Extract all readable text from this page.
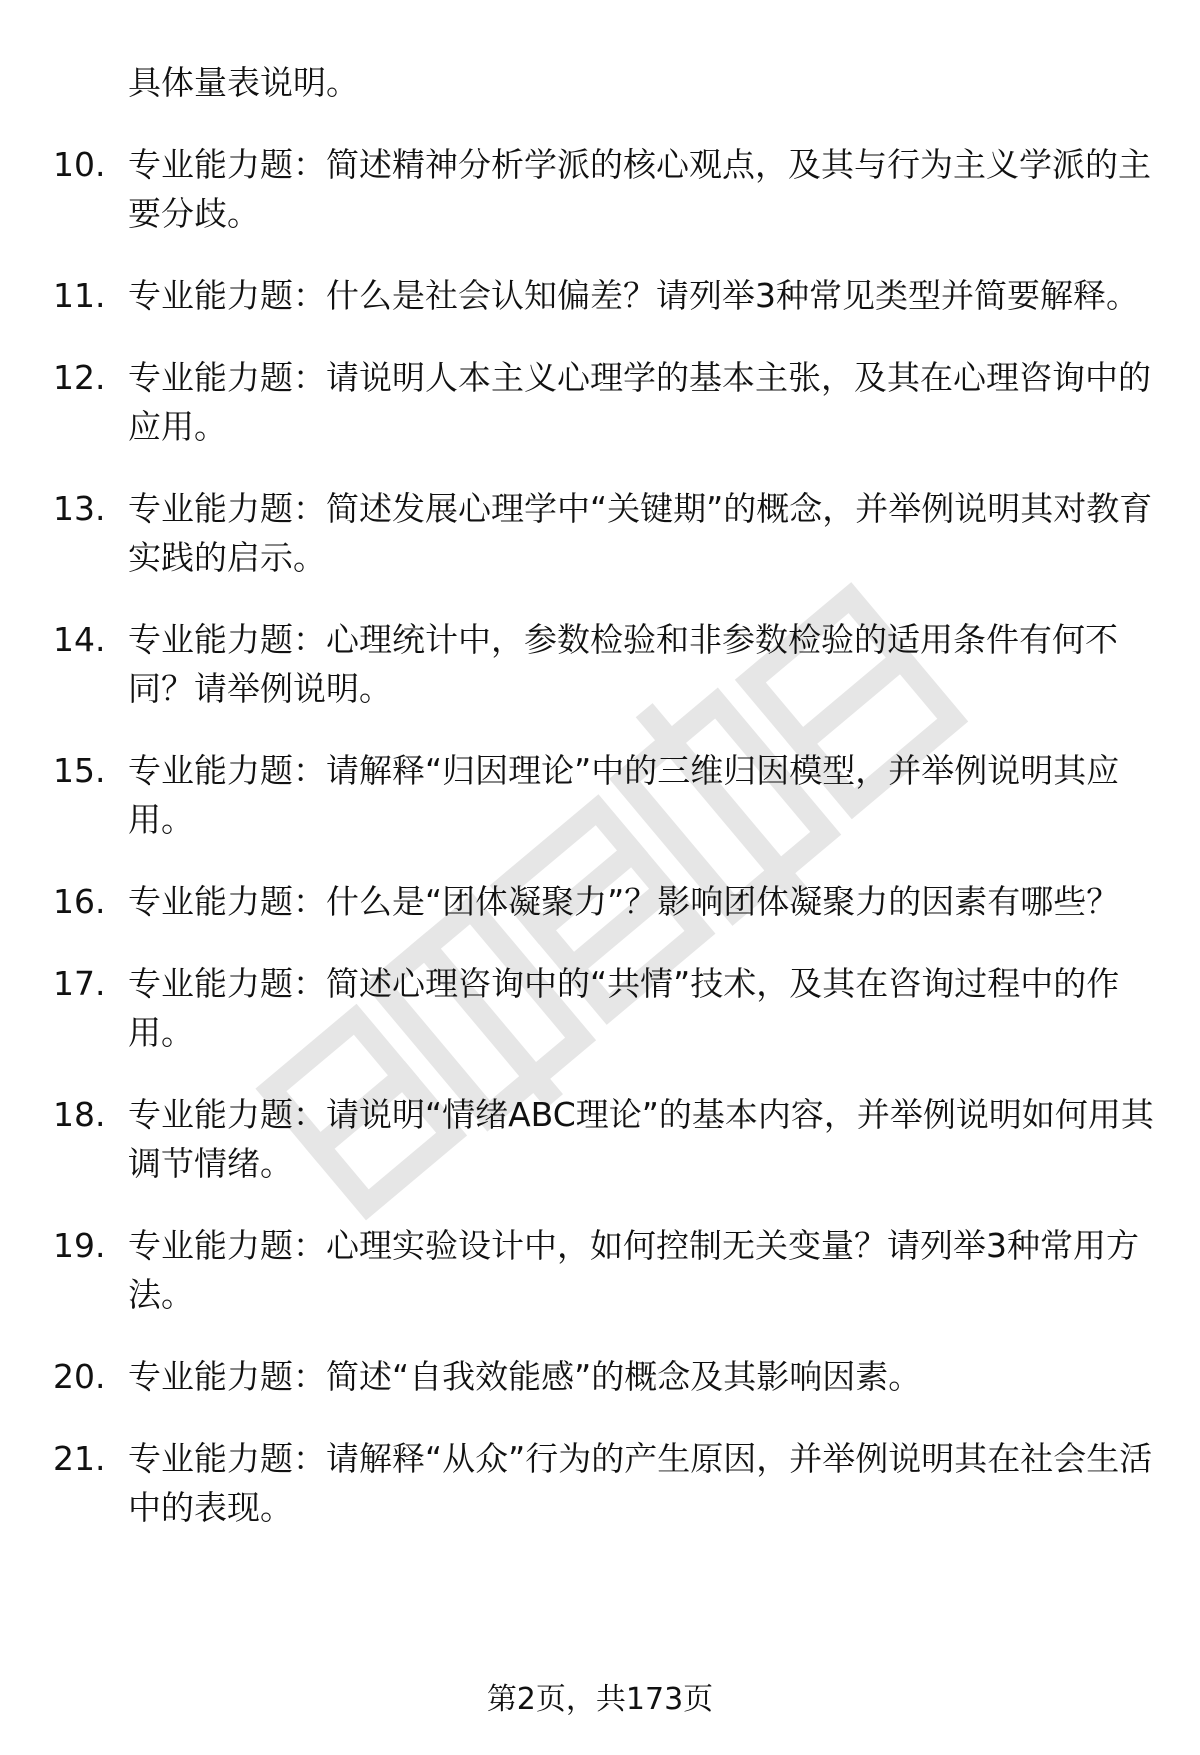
具体量表说明。
10. 专业能力题：简述精神分析学派的核心观点，及其与行为主义学派的主要分歧。
11. 专业能力题：什么是社会认知偏差？请列举3种常见类型并简要解释。
12. 专业能力题：请说明人本主义心理学的基本主张，及其在心理咨询中的应用。
13. 专业能力题：简述发展心理学中“关键期”的概念，并举例说明其对教育实践的启示。
14. 专业能力题：心理统计中，参数检验和非参数检验的适用条件有何不同？请举例说明。
15. 专业能力题：请解释“归因理论”中的三维归因模型，并举例说明其应用。
16. 专业能力题：什么是“团体凝聚力”？影响团体凝聚力的因素有哪些？
17. 专业能力题：简述心理咨询中的“共情”技术，及其在咨询过程中的作用。
18. 专业能力题：请说明“情绪ABC理论”的基本内容，并举例说明如何用其调节情绪。
19. 专业能力题：心理实验设计中，如何控制无关变量？请列举3种常用方法。
20. 专业能力题：简述“自我效能感”的概念及其影响因素。
21. 专业能力题：请解释“从众”行为的产生原因，并举例说明其在社会生活中的表现。
第2页，共173页
